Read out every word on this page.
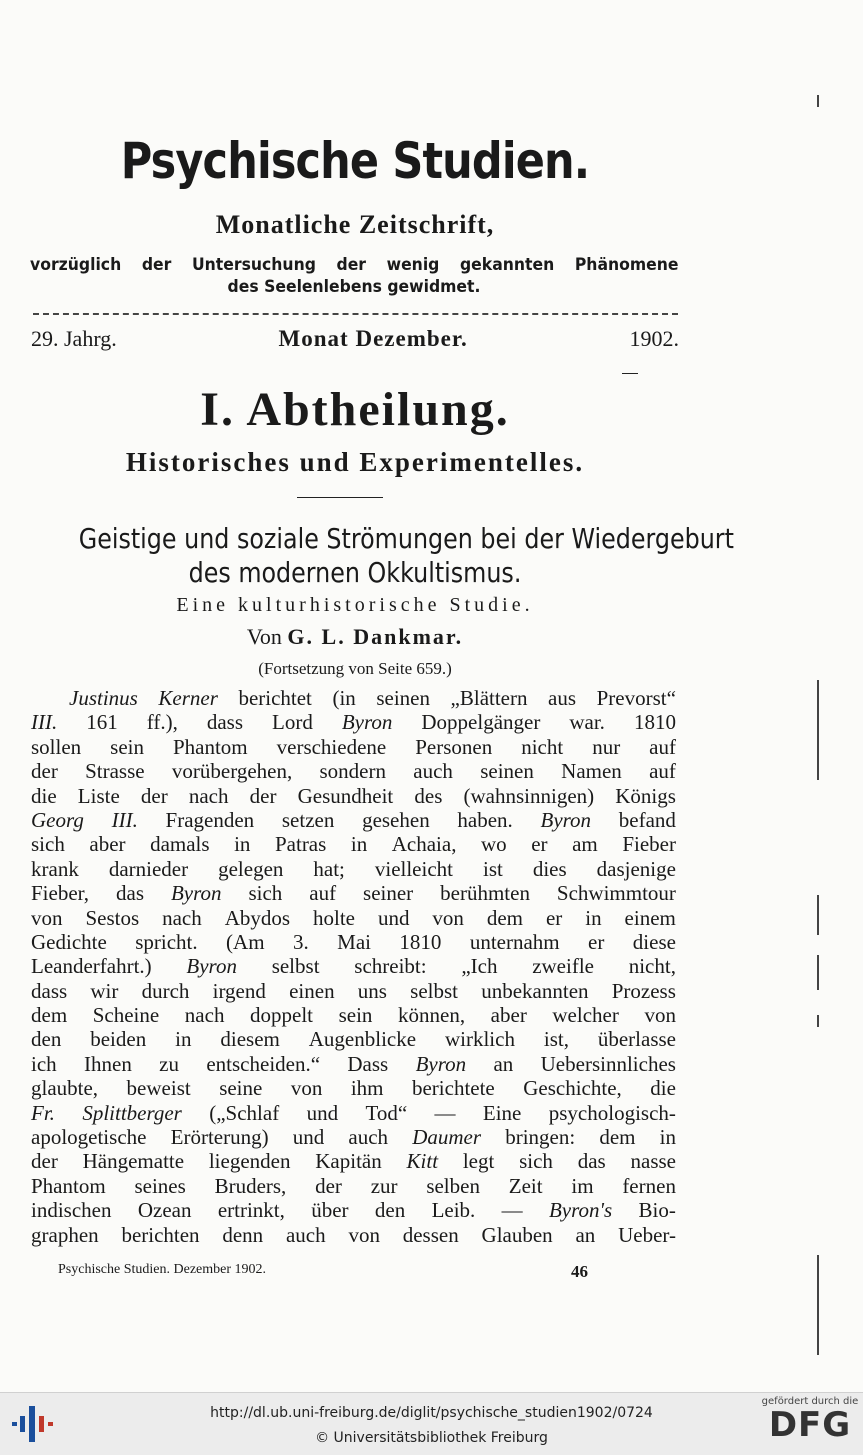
Psychische Studien.
Monatliche Zeitschrift,
vorzüglich der Untersuchung der wenig gekannten Phänomene
des Seelenlebens gewidmet.
29. Jahrg.	Monat Dezember.	1902.
I. Abtheilung.
Historisches und Experimentelles.
Geistige und soziale Strömungen bei der Wiedergeburt
des modernen Okkultismus.
Eine kulturhistorische Studie.
Von G. L. Dankmar.
(Fortsetzung von Seite 659.)
Justinus Kerner berichtet (in seinen „Blättern aus Prevorst“
III. 161 ff.), dass Lord Byron Doppelgänger war. 1810
sollen sein Phantom verschiedene Personen nicht nur auf
der Strasse vorübergehen, sondern auch seinen Namen auf
die Liste der nach der Gesundheit des (wahnsinnigen) Königs
Georg III. Fragenden setzen gesehen haben. Byron befand
sich aber damals in Patras in Achaia, wo er am Fieber
krank darnieder gelegen hat; vielleicht ist dies dasjenige
Fieber, das Byron sich auf seiner berühmten Schwimmtour
von Sestos nach Abydos holte und von dem er in einem
Gedichte spricht. (Am 3. Mai 1810 unternahm er diese
Leanderfahrt.) Byron selbst schreibt: „Ich zweifle nicht,
dass wir durch irgend einen uns selbst unbekannten Prozess
dem Scheine nach doppelt sein können, aber welcher von
den beiden in diesem Augenblicke wirklich ist, überlasse
ich Ihnen zu entscheiden.“ Dass Byron an Uebersinnliches
glaubte, beweist seine von ihm berichtete Geschichte, die
Fr. Splittberger („Schlaf und Tod“ — Eine psychologisch-
apologetische Erörterung) und auch Daumer bringen: dem in
der Hängematte liegenden Kapitän Kitt legt sich das nasse
Phantom seines Bruders, der zur selben Zeit im fernen
indischen Ozean ertrinkt, über den Leib. — Byron's Bio-
graphen berichten denn auch von dessen Glauben an Ueber-
Psychische Studien. Dezember 1902.	46
http://dl.ub.uni-freiburg.de/diglit/psychische_studien1902/0724
© Universitätsbibliothek Freiburg
gefördert durch die
DFG
